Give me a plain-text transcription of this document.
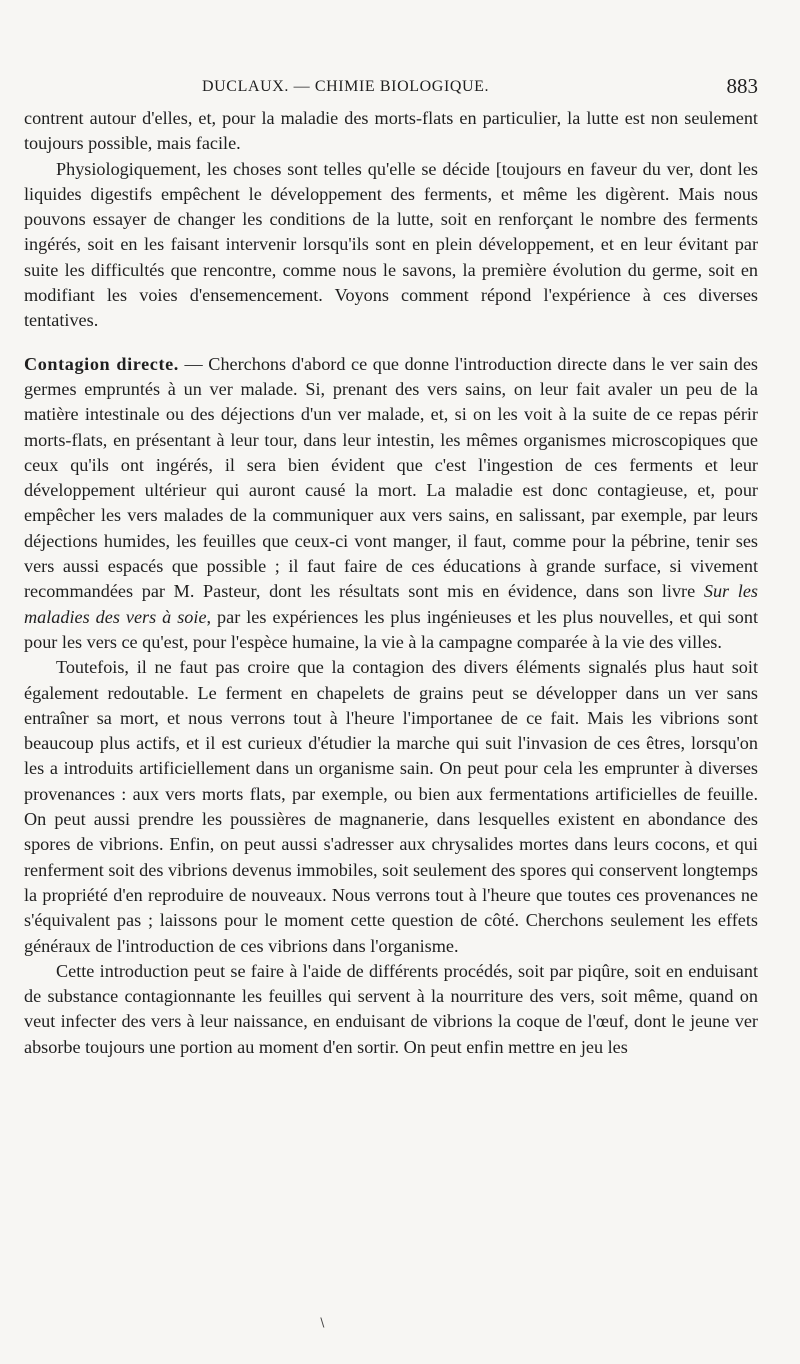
DUCLAUX. — CHIMIE BIOLOGIQUE.	883

contrent autour d'elles, et, pour la maladie des morts-flats en particulier, la lutte est non seulement toujours possible, mais facile.

Physiologiquement, les choses sont telles qu'elle se décide [toujours en faveur du ver, dont les liquides digestifs empêchent le développement des ferments, et même les digèrent. Mais nous pouvons essayer de changer les conditions de la lutte, soit en renforçant le nombre des ferments ingérés, soit en les faisant intervenir lorsqu'ils sont en plein développement, et en leur évitant par suite les difficultés que rencontre, comme nous le savons, la première évolution du germe, soit en modifiant les voies d'ensemencement. Voyons comment répond l'expérience à ces diverses tentatives.

Contagion directe. — Cherchons d'abord ce que donne l'introduction directe dans le ver sain des germes empruntés à un ver malade. Si, prenant des vers sains, on leur fait avaler un peu de la matière intestinale ou des déjections d'un ver malade, et, si on les voit à la suite de ce repas périr morts-flats, en présentant à leur tour, dans leur intestin, les mêmes organismes microscopiques que ceux qu'ils ont ingérés, il sera bien évident que c'est l'ingestion de ces ferments et leur développement ultérieur qui auront causé la mort. La maladie est donc contagieuse, et, pour empêcher les vers malades de la communiquer aux vers sains, en salissant, par exemple, par leurs déjections humides, les feuilles que ceux-ci vont manger, il faut, comme pour la pébrine, tenir ses vers aussi espacés que possible ; il faut faire de ces éducations à grande surface, si vivement recommandées par M. Pasteur, dont les résultats sont mis en évidence, dans son livre Sur les maladies des vers à soie, par les expériences les plus ingénieuses et les plus nouvelles, et qui sont pour les vers ce qu'est, pour l'espèce humaine, la vie à la campagne comparée à la vie des villes.

Toutefois, il ne faut pas croire que la contagion des divers éléments signalés plus haut soit également redoutable. Le ferment en chapelets de grains peut se développer dans un ver sans entraîner sa mort, et nous verrons tout à l'heure l'importanee de ce fait. Mais les vibrions sont beaucoup plus actifs, et il est curieux d'étudier la marche qui suit l'invasion de ces êtres, lorsqu'on les a introduits artificiellement dans un organisme sain. On peut pour cela les emprunter à diverses provenances : aux vers morts flats, par exemple, ou bien aux fermentations artificielles de feuille. On peut aussi prendre les poussières de magnanerie, dans lesquelles existent en abondance des spores de vibrions. Enfin, on peut aussi s'adresser aux chrysalides mortes dans leurs cocons, et qui renferment soit des vibrions devenus immobiles, soit seulement des spores qui conservent longtemps la propriété d'en reproduire de nouveaux. Nous verrons tout à l'heure que toutes ces provenances ne s'équivalent pas ; laissons pour le moment cette question de côté. Cherchons seulement les effets généraux de l'introduction de ces vibrions dans l'organisme.

Cette introduction peut se faire à l'aide de différents procédés, soit par piqûre, soit en enduisant de substance contagionnante les feuilles qui servent à la nourriture des vers, soit même, quand on veut infecter des vers à leur naissance, en enduisant de vibrions la coque de l'œuf, dont le jeune ver absorbe toujours une portion au moment d'en sortir. On peut enfin mettre en jeu les

∖
